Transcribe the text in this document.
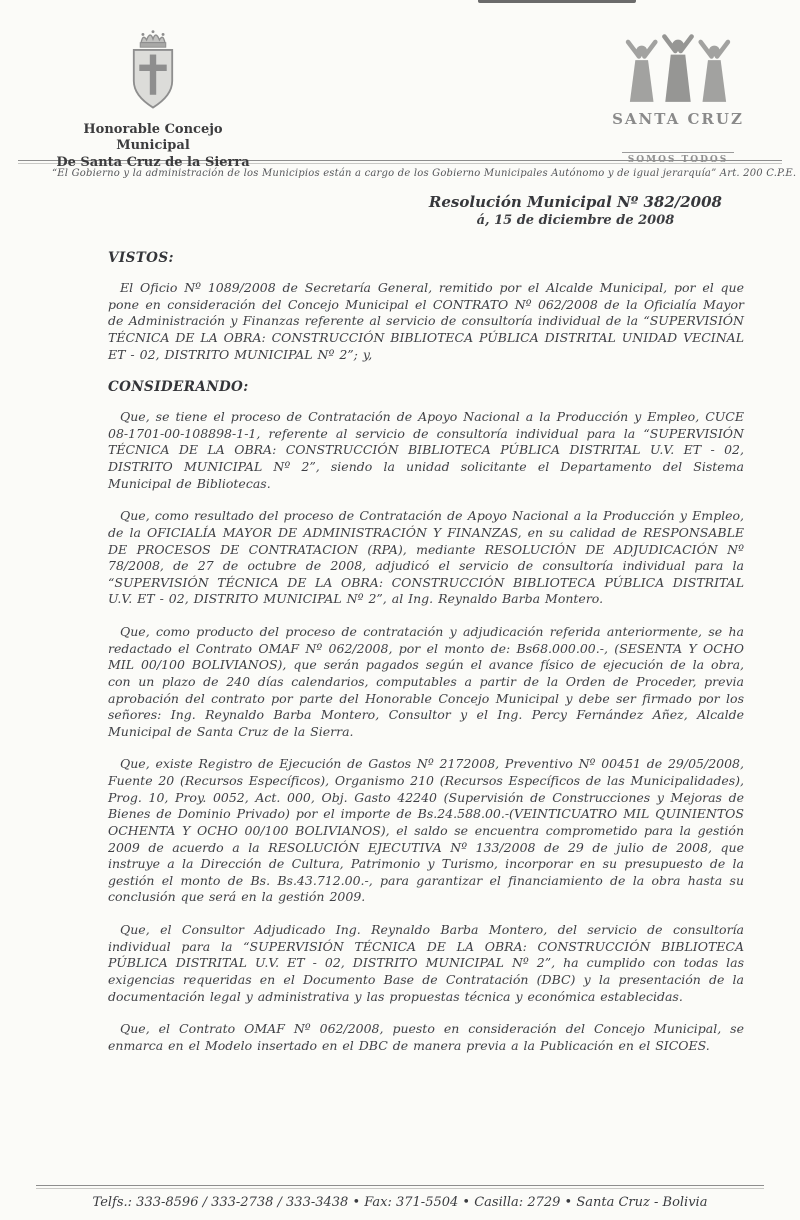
Honorable Concejo Municipal
De Santa Cruz de la Sierra
SANTA CRUZ

SOMOS TODOS
“El Gobierno y la administración de los Municipios están a cargo de los Gobierno Municipales Autónomo y de igual jerarquía” Art. 200 C.P.E.
Resolución Municipal Nº 382/2008
á, 15 de diciembre de 2008
VISTOS:

El Oficio Nº 1089/2008 de Secretaría General, remitido por el Alcalde Municipal, por el que pone en consideración del Concejo Municipal el CONTRATO Nº 062/2008 de la Oficialía Mayor de Administración y Finanzas referente al servicio de consultoría individual de la “SUPERVISIÓN TÉCNICA DE LA OBRA: CONSTRUCCIÓN BIBLIOTECA PÚBLICA DISTRITAL UNIDAD VECINAL ET - 02, DISTRITO MUNICIPAL Nº 2”; y,

CONSIDERANDO:

Que, se tiene el proceso de Contratación de Apoyo Nacional a la Producción y Empleo, CUCE 08-1701-00-108898-1-1, referente al servicio de consultoría individual para la “SUPERVISIÓN TÉCNICA DE LA OBRA: CONSTRUCCIÓN BIBLIOTECA PÚBLICA DISTRITAL U.V. ET - 02, DISTRITO MUNICIPAL Nº 2”, siendo la unidad solicitante el Departamento del Sistema Municipal de Bibliotecas.

Que, como resultado del proceso de Contratación de Apoyo Nacional a la Producción y Empleo, de la OFICIALÍA MAYOR DE ADMINISTRACIÓN Y FINANZAS, en su calidad de RESPONSABLE DE PROCESOS DE CONTRATACION (RPA), mediante RESOLUCIÓN DE ADJUDICACIÓN Nº 78/2008, de 27 de octubre de 2008, adjudicó el servicio de consultoría individual para la “SUPERVISIÓN TÉCNICA DE LA OBRA: CONSTRUCCIÓN BIBLIOTECA PÚBLICA DISTRITAL U.V. ET - 02, DISTRITO MUNICIPAL Nº 2”, al Ing. Reynaldo Barba Montero.

Que, como producto del proceso de contratación y adjudicación referida anteriormente, se ha redactado el Contrato OMAF Nº 062/2008, por el monto de: Bs68.000.00.-, (SESENTA Y OCHO MIL 00/100 BOLIVIANOS), que serán pagados según el avance físico de ejecución de la obra, con un plazo de 240 días calendarios, computables a partir de la Orden de Proceder, previa aprobación del contrato por parte del Honorable Concejo Municipal y debe ser firmado por los señores: Ing. Reynaldo Barba Montero, Consultor y el Ing. Percy Fernández Añez, Alcalde Municipal de Santa Cruz de la Sierra.

Que, existe Registro de Ejecución de Gastos Nº 2172008, Preventivo Nº 00451 de 29/05/2008, Fuente 20 (Recursos Específicos), Organismo 210 (Recursos Específicos de las Municipalidades), Prog. 10, Proy. 0052, Act. 000, Obj. Gasto 42240 (Supervisión de Construcciones y Mejoras de Bienes de Dominio Privado) por el importe de Bs.24.588.00.-(VEINTICUATRO MIL QUINIENTOS OCHENTA Y OCHO 00/100 BOLIVIANOS), el saldo se encuentra comprometido para la gestión 2009 de acuerdo a la RESOLUCIÓN EJECUTIVA Nº 133/2008 de 29 de julio de 2008, que instruye a la Dirección de Cultura, Patrimonio y Turismo, incorporar en su presupuesto de la gestión el monto de Bs. Bs.43.712.00.-, para garantizar el financiamiento de la obra hasta su conclusión que será en la gestión 2009.

Que, el Consultor Adjudicado Ing. Reynaldo Barba Montero, del servicio de consultoría individual para la “SUPERVISIÓN TÉCNICA DE LA OBRA: CONSTRUCCIÓN BIBLIOTECA PÚBLICA DISTRITAL U.V. ET - 02, DISTRITO MUNICIPAL Nº 2”, ha cumplido con todas las exigencias requeridas en el Documento Base de Contratación (DBC) y la presentación de la documentación legal y administrativa y las propuestas técnica y económica establecidas.

Que, el Contrato OMAF Nº 062/2008, puesto en consideración del Concejo Municipal, se enmarca en el Modelo insertado en el DBC de manera previa a la Publicación en el SICOES.

Telfs.: 333-8596 / 333-2738 / 333-3438 • Fax: 371-5504 • Casilla: 2729 • Santa Cruz - Bolivia
